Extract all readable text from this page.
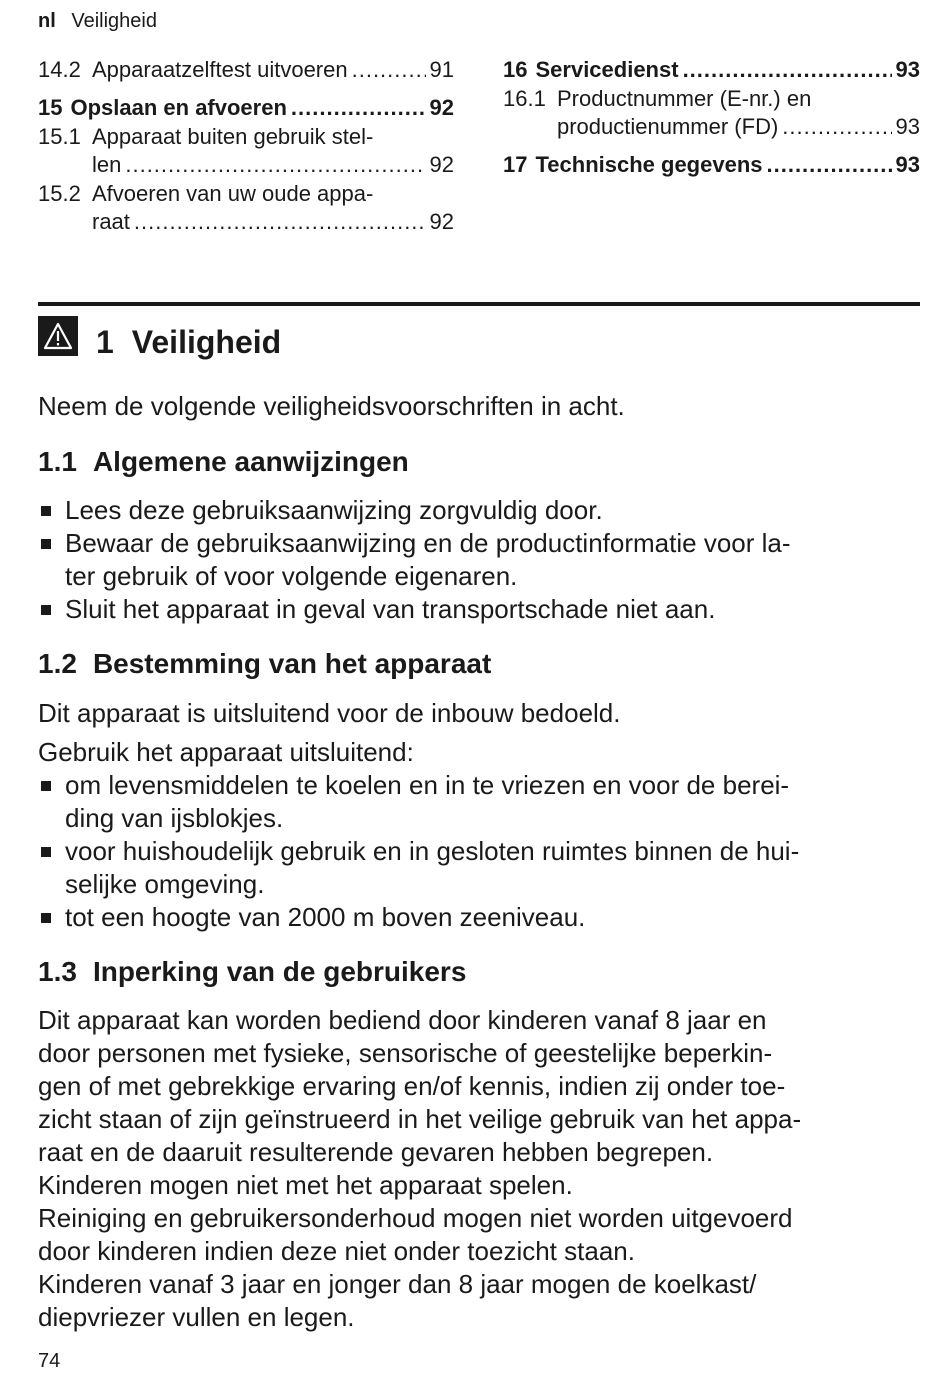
nl Veiligheid
14.2 Apparaatzelftest uitvoeren .....	91
15 Opslaan en afvoeren .....	92
15.1 Apparaat buiten gebruik stel-
len .....	92
15.2 Afvoeren van uw oude appa-
raat .....	92
16 Servicedienst .....	93
16.1 Productnummer (E-nr.) en
productienummer (FD) .....	93
17 Technische gegevens .....	93
1 Veiligheid
Neem de volgende veiligheidsvoorschriften in acht.
1.1 Algemene aanwijzingen
Lees deze gebruiksaanwijzing zorgvuldig door.
Bewaar de gebruiksaanwijzing en de productinformatie voor la-
ter gebruik of voor volgende eigenaren.
Sluit het apparaat in geval van transportschade niet aan.
1.2 Bestemming van het apparaat
Dit apparaat is uitsluitend voor de inbouw bedoeld.
Gebruik het apparaat uitsluitend:
om levensmiddelen te koelen en in te vriezen en voor de berei-
ding van ijsblokjes.
voor huishoudelijk gebruik en in gesloten ruimtes binnen de hui-
selijke omgeving.
tot een hoogte van 2000 m boven zeeniveau.
1.3 Inperking van de gebruikers
Dit apparaat kan worden bediend door kinderen vanaf 8 jaar en
door personen met fysieke, sensorische of geestelijke beperkin-
gen of met gebrekkige ervaring en/of kennis, indien zij onder toe-
zicht staan of zijn geïnstrueerd in het veilige gebruik van het appa-
raat en de daaruit resulterende gevaren hebben begrepen.
Kinderen mogen niet met het apparaat spelen.
Reiniging en gebruikersonderhoud mogen niet worden uitgevoerd
door kinderen indien deze niet onder toezicht staan.
Kinderen vanaf 3 jaar en jonger dan 8 jaar mogen de koelkast/
diepvriezer vullen en legen.
74
